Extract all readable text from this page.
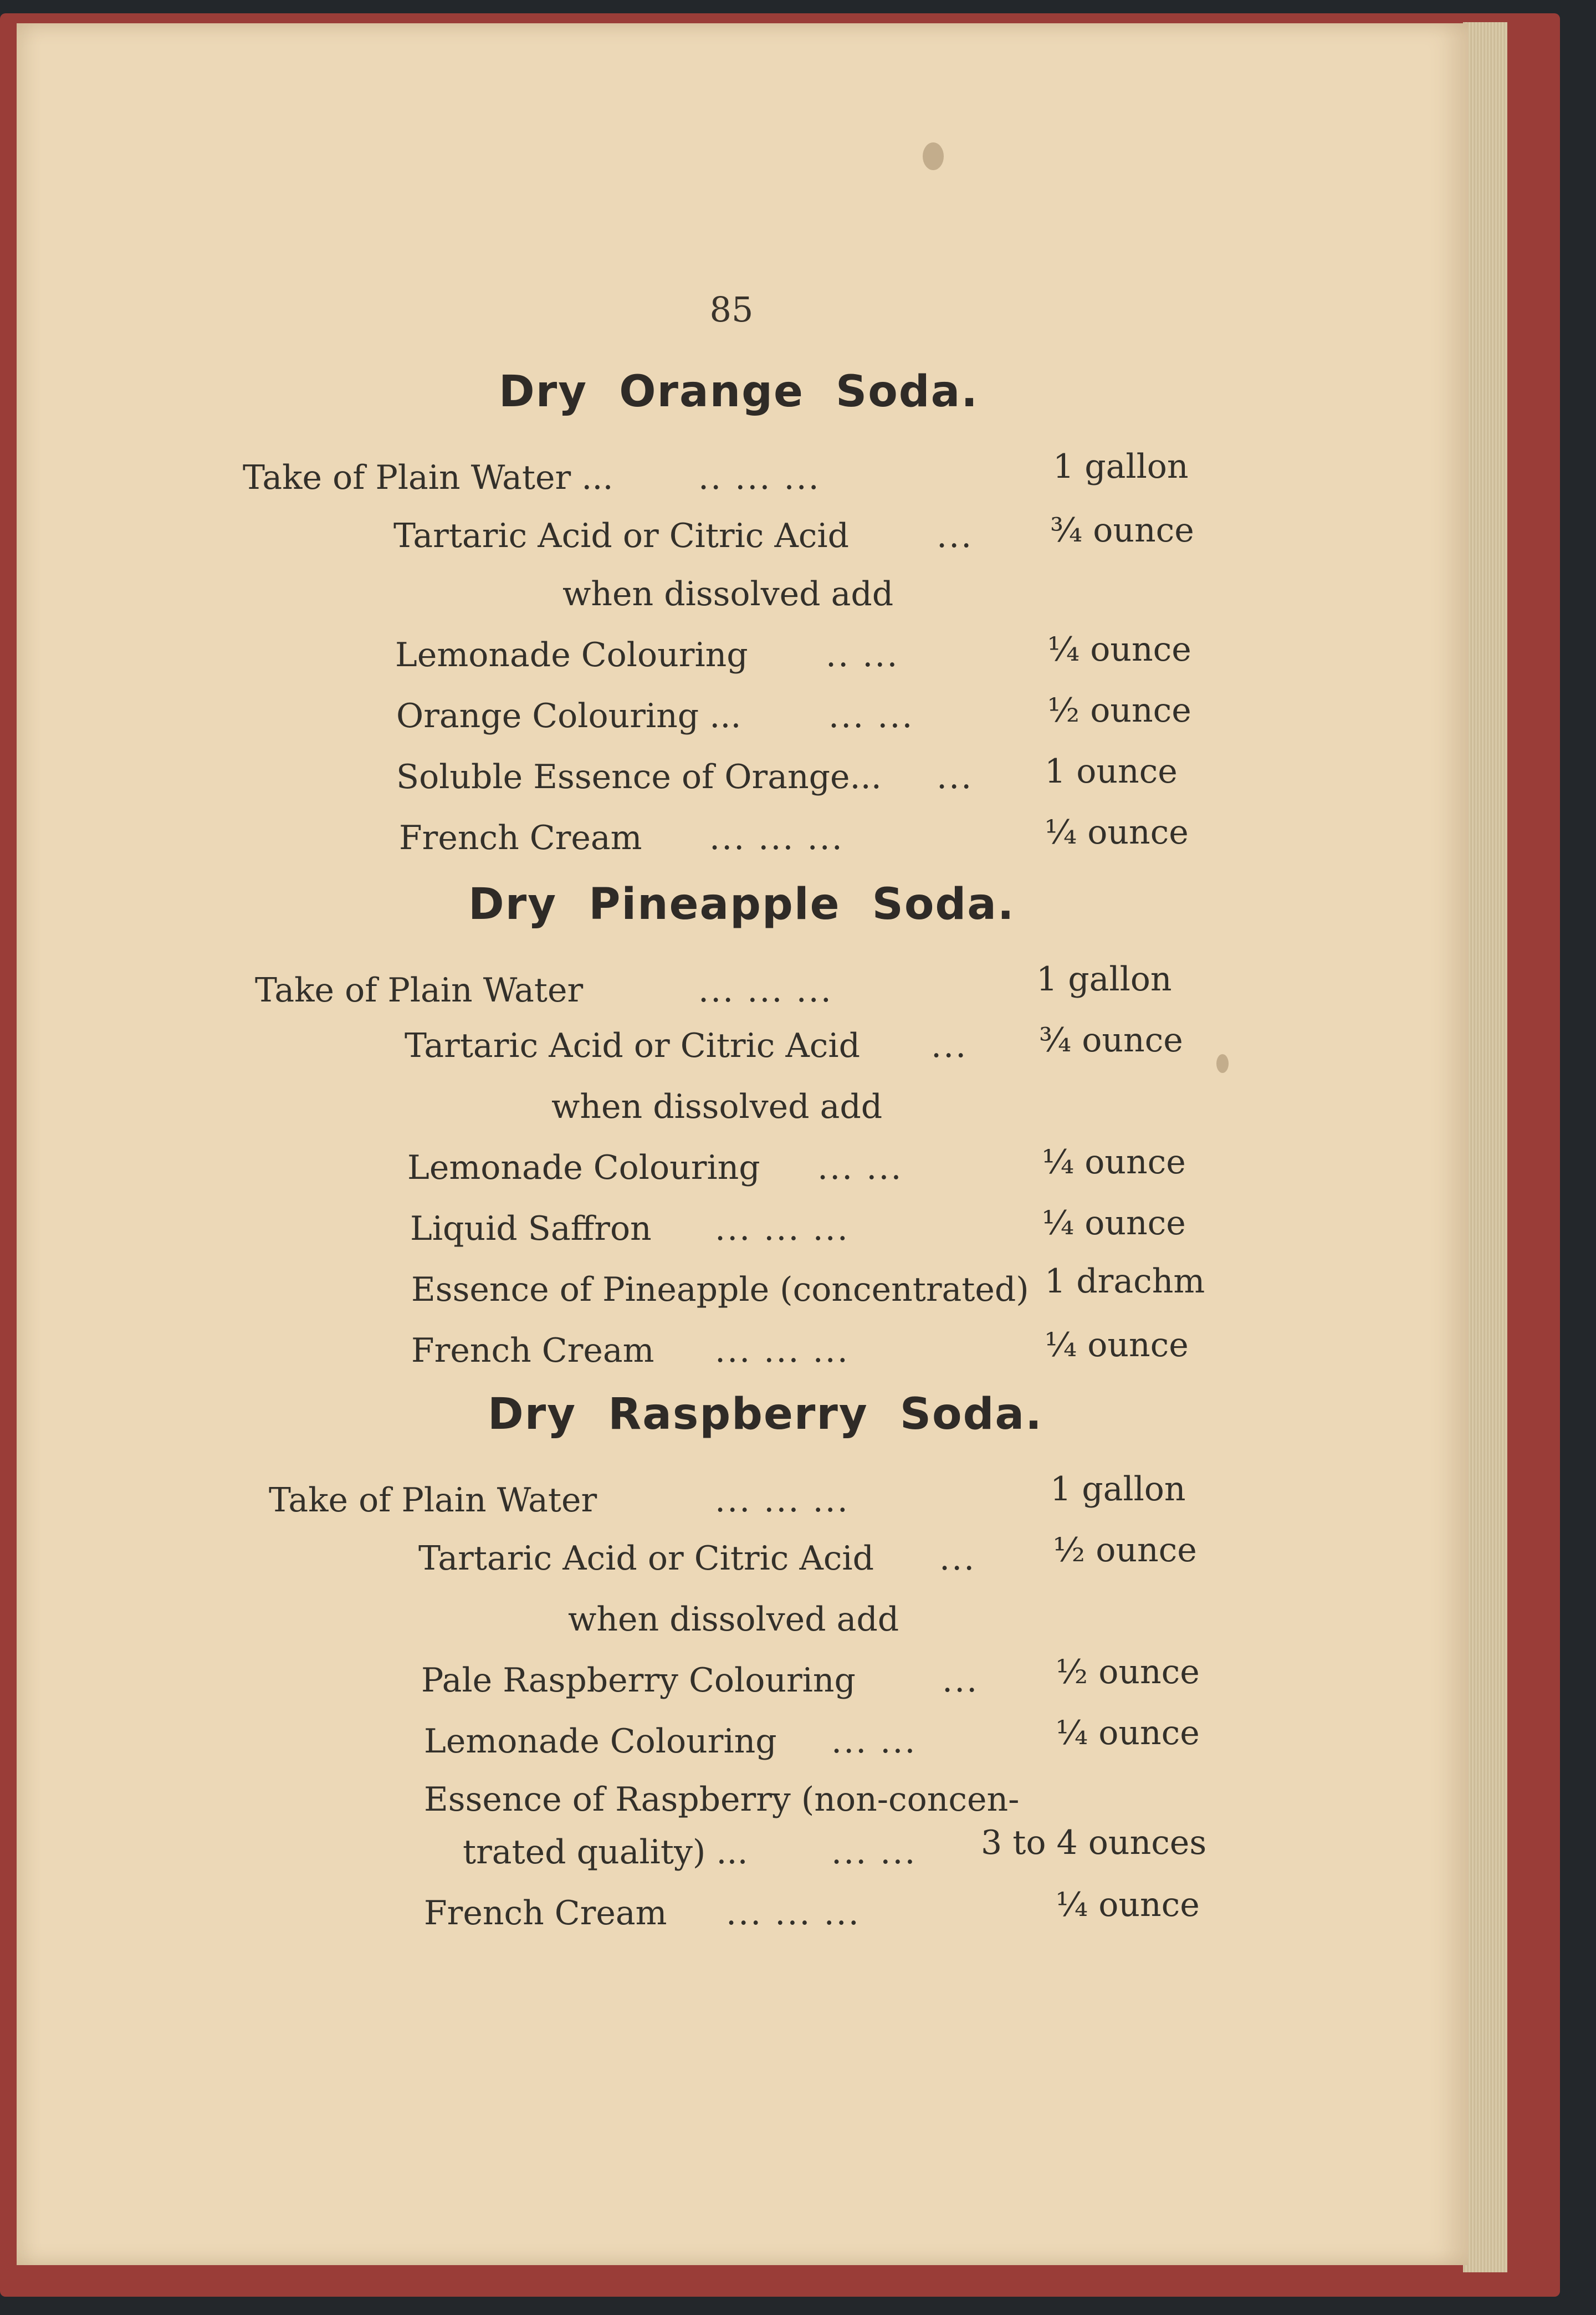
85
Dry Orange Soda.
Take of Plain Water ...	.. ... ...	1 gallon
Tartaric Acid or Citric Acid	... ¾ ounce
when dissolved add
Lemonade Colouring .. ...	¼ ounce
Orange Colouring ...	... ...	½ ounce
Soluble Essence of Orange... ... 1 ounce
French Cream ... ... ...	¼ ounce
Dry Pineapple Soda.
Take of Plain Water	... ... ...	1 gallon
Tartaric Acid or Citric Acid ... ¾ ounce
when dissolved add
Lemonade Colouring ... ...	¼ ounce
Liquid Saffron ... ... ...	¼ ounce
Essence of Pineapple (concentrated) 1 drachm
French Cream ... ... ...	¼ ounce
Dry Raspberry Soda.
Take of Plain Water	... ... ...	1 gallon
Tartaric Acid or Citric Acid ... ½ ounce
when dissolved add
Pale Raspberry Colouring	... ½ ounce
Lemonade Colouring ... ...	¼ ounce
Essence of Raspberry (non-concen-
trated quality) ...	... ... 3 to 4 ounces
French Cream ... ... ...	¼ ounce
